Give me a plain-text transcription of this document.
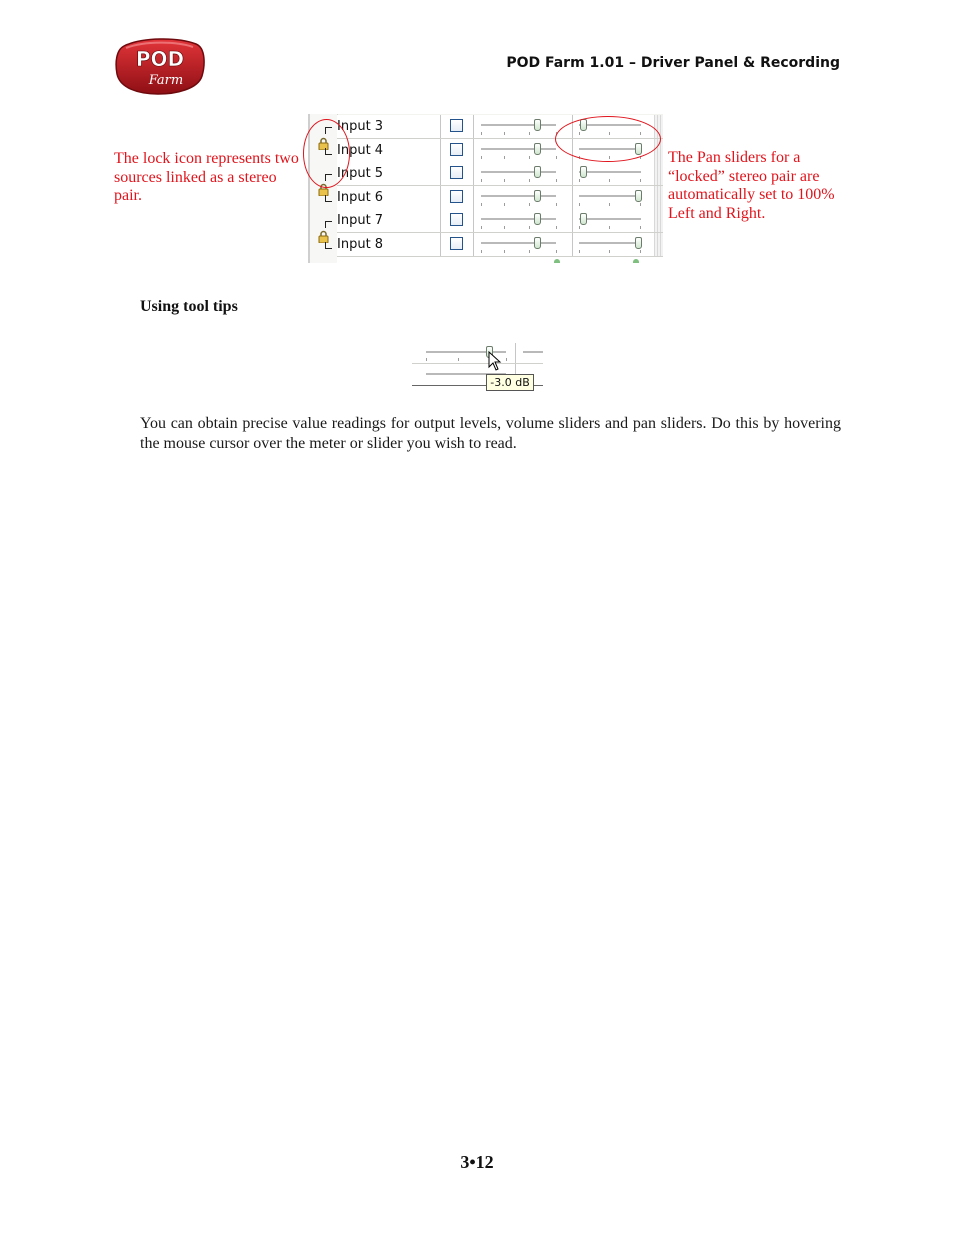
POD
Farm
POD Farm 1.01 – Driver Panel & Recording
The lock icon represents two sources linked as a stereo pair.
Input 3
Input 4
Input 5
Input 6
Input 7
Input 8
The Pan sliders for a “locked” stereo pair are automatically set to 100% Left and Right.
Using tool tips
-3.0 dB
You can obtain precise value readings for output levels, volume sliders and pan sliders. Do this by hovering the mouse cursor over the meter or slider you wish to read.
3•12
